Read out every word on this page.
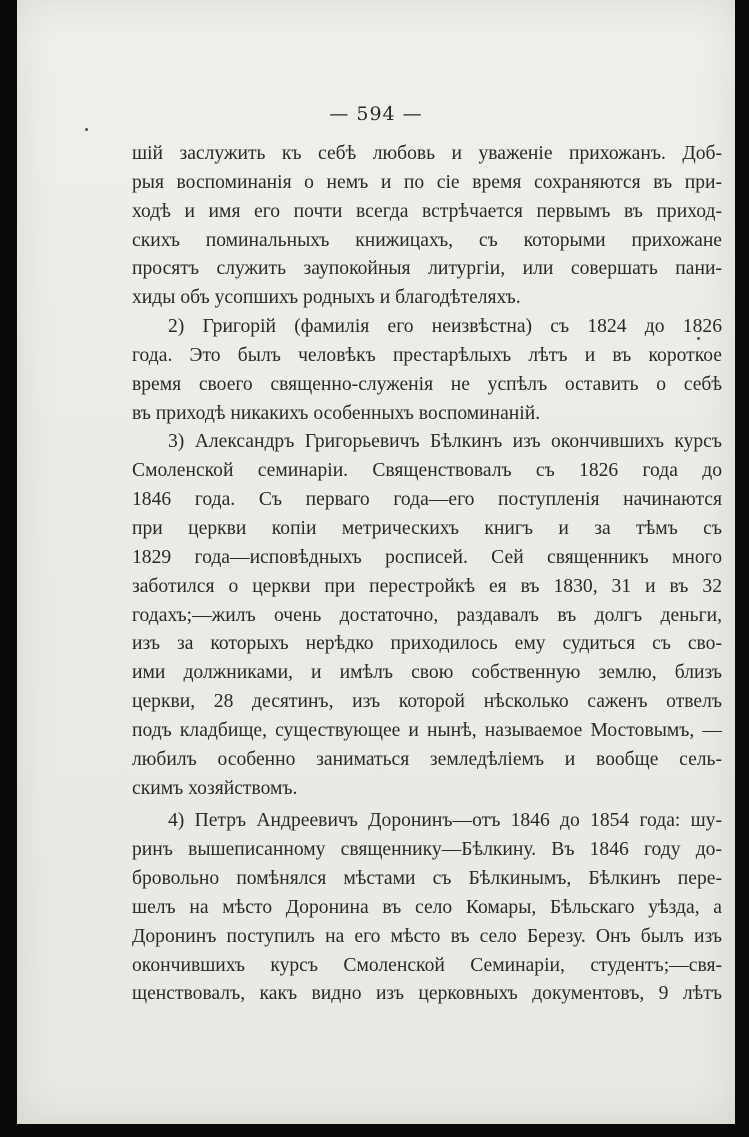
— 594 —
шій заслужить къ себѣ любовь и уваженіе прихожанъ. Доб-
рыя воспоминанія о немъ и по сіе время сохраняются въ при-
ходѣ и имя его почти всегда встрѣчается первымъ въ приход-
скихъ поминальныхъ книжицахъ, съ которыми прихожане
просятъ служить заупокойныя литургіи, или совершать пани-
хиды объ усопшихъ родныхъ и благодѣтеляхъ.
2) Григорій (фамилія его неизвѣстна) съ 1824 до 1826
года. Это былъ человѣкъ престарѣлыхъ лѣтъ и въ короткое
время своего священно-служенія не успѣлъ оставить о себѣ
въ приходѣ никакихъ особенныхъ воспоминаній.
3) Александръ Григорьевичъ Бѣлкинъ изъ окончившихъ курсъ
Смоленской семинаріи. Священствовалъ съ 1826 года до
1846 года. Съ перваго года—его поступленія начинаются
при церкви копіи метрическихъ книгъ и за тѣмъ съ
1829 года—исповѣдныхъ росписей. Сей священникъ много
заботился о церкви при перестройкѣ ея въ 1830, 31 и въ 32
годахъ;—жилъ очень достаточно, раздавалъ въ долгъ деньги,
изъ за которыхъ нерѣдко приходилось ему судиться съ сво-
ими должниками, и имѣлъ свою собственную землю, близъ
церкви, 28 десятинъ, изъ которой нѣсколько саженъ отвелъ
подъ кладбище, существующее и нынѣ, называемое Мостовымъ, —
любилъ особенно заниматься земледѣліемъ и вообще сель-
скимъ хозяйствомъ.
4) Петръ Андреевичъ Доронинъ—отъ 1846 до 1854 года: шу-
ринъ вышеписанному священнику—Бѣлкину. Въ 1846 году до-
бровольно помѣнялся мѣстами съ Бѣлкинымъ, Бѣлкинъ пере-
шелъ на мѣсто Доронина въ село Комары, Бѣльскаго уѣзда, а
Доронинъ поступилъ на его мѣсто въ село Березу. Онъ былъ изъ
окончившихъ курсъ Смоленской Семинаріи, студентъ;—свя-
щенствовалъ, какъ видно изъ церковныхъ документовъ, 9 лѣтъ
